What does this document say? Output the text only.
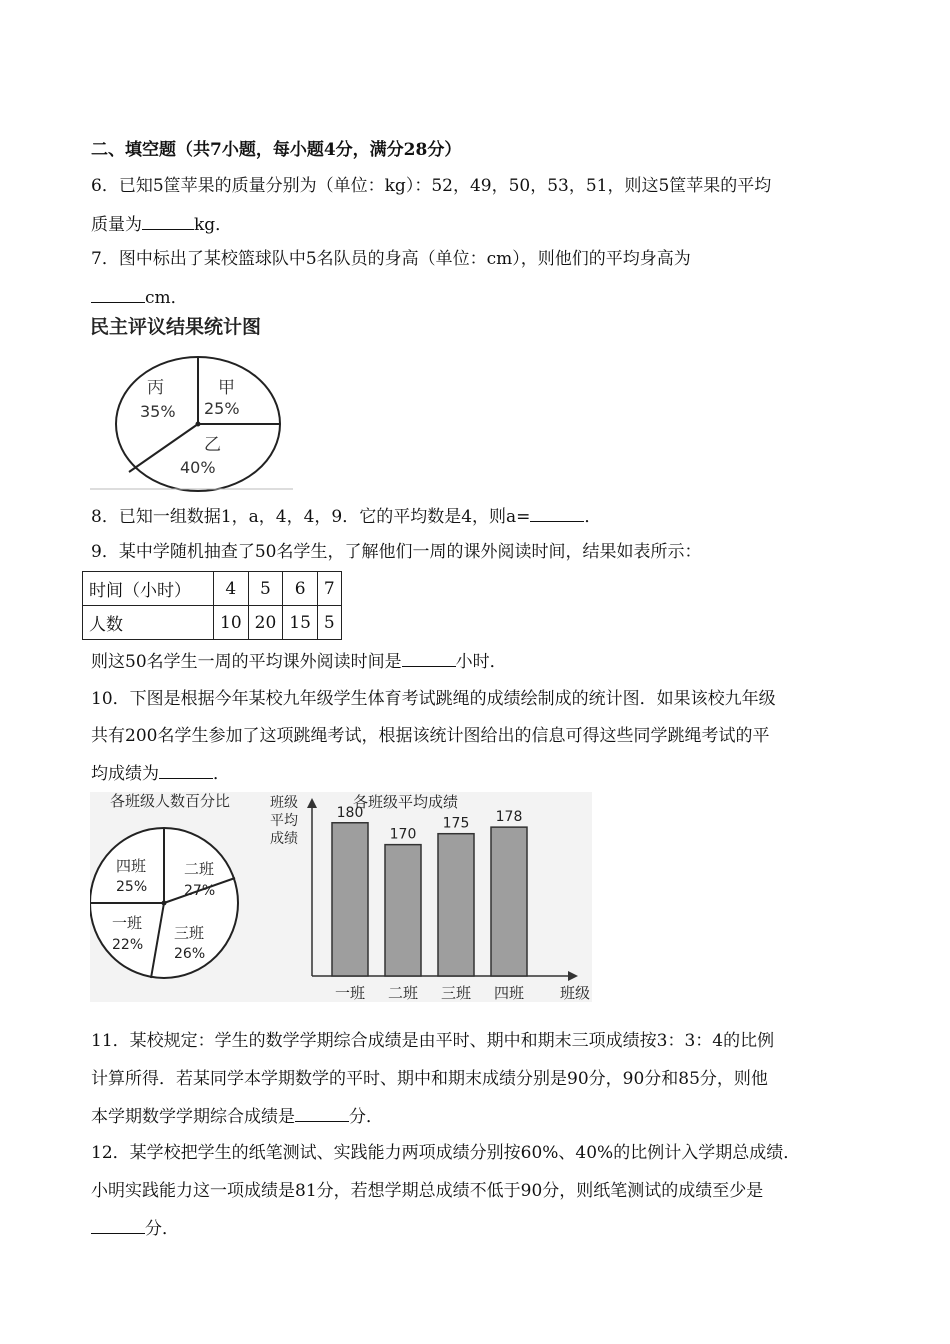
二、填空题（共7小题，每小题4分，满分28分）
6．已知5筐苹果的质量分别为（单位：kg）：52，49，50，53，51，则这5筐苹果的平均
质量为	kg．
7．图中标出了某校篮球队中5名队员的身高（单位：cm），则他们的平均身高为
cm．
民主评议结果统计图
甲
25%
乙
40%
丙
35%
8．已知一组数据1，a，4，4，9．它的平均数是4，则a=	．
9．某中学随机抽查了50名学生，了解他们一周的课外阅读时间，结果如表所示：
时间（小时）	4	5	6	7
人数	10	20	15	5
则这50名学生一周的平均课外阅读时间是	小时．
10．下图是根据今年某校九年级学生体育考试跳绳的成绩绘制成的统计图．如果该校九年级
共有200名学生参加了这项跳绳考试，根据该统计图给出的信息可得这些同学跳绳考试的平
均成绩为	．
各班级人数百分比
四班
25%
二班
27%
三班
26%
一班
22%
班级
平均
成绩
各班级平均成绩
班级
180
一班
170
二班
175
三班
178
四班
11．某校规定：学生的数学学期综合成绩是由平时、期中和期末三项成绩按3：3：4的比例
计算所得．若某同学本学期数学的平时、期中和期末成绩分别是90分，90分和85分，则他
本学期数学学期综合成绩是	分．
12．某学校把学生的纸笔测试、实践能力两项成绩分别按60%、40%的比例计入学期总成绩．
小明实践能力这一项成绩是81分，若想学期总成绩不低于90分，则纸笔测试的成绩至少是
分．
